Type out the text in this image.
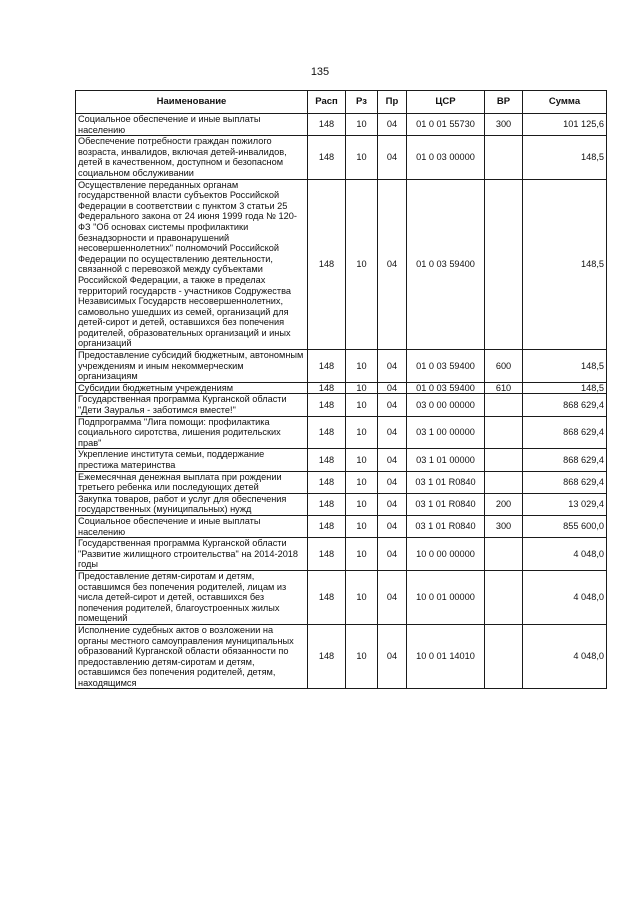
135
Наименование	Расп	Рз	Пр	ЦСР	ВР	Сумма
Социальное обеспечение и иные выплаты населению	148	10	04	01 0 01 55730	300	101 125,6
Обеспечение потребности граждан пожилого возраста, инвалидов, включая детей-инвалидов, детей в качественном, доступном и безопасном социальном обслуживании	148	10	04	01 0 03 00000		148,5
Осуществление переданных органам государственной власти субъектов Российской Федерации в соответствии с пунктом 3 статьи 25 Федерального закона от 24 июня 1999 года № 120-ФЗ "Об основах системы профилактики безнадзорности и правонарушений несовершеннолетних" полномочий Российской Федерации по осуществлению деятельности, связанной с перевозкой между субъектами Российской Федерации, а также в пределах территорий государств - участников Содружества Независимых Государств несовершеннолетних, самовольно ушедших из семей, организаций для детей-сирот и детей, оставшихся без попечения родителей, образовательных организаций и иных организаций	148	10	04	01 0 03 59400		148,5
Предоставление субсидий бюджетным, автономным учреждениям и иным некоммерческим организациям	148	10	04	01 0 03 59400	600	148,5
Субсидии бюджетным учреждениям	148	10	04	01 0 03 59400	610	148,5
Государственная программа Курганской области "Дети Зауралья - заботимся вместе!"	148	10	04	03 0 00 00000		868 629,4
Подпрограмма "Лига помощи: профилактика социального сиротства, лишения родительских прав"	148	10	04	03 1 00 00000		868 629,4
Укрепление института семьи, поддержание престижа материнства	148	10	04	03 1 01 00000		868 629,4
Ежемесячная денежная выплата при рождении третьего ребенка или последующих детей	148	10	04	03 1 01 R0840		868 629,4
Закупка товаров, работ и услуг для обеспечения государственных (муниципальных) нужд	148	10	04	03 1 01 R0840	200	13 029,4
Социальное обеспечение и иные выплаты населению	148	10	04	03 1 01 R0840	300	855 600,0
Государственная программа Курганской области "Развитие жилищного строительства" на 2014-2018 годы	148	10	04	10 0 00 00000		4 048,0
Предоставление детям-сиротам и детям, оставшимся без попечения родителей, лицам из числа детей-сирот и детей, оставшихся без попечения родителей, благоустроенных жилых помещений	148	10	04	10 0 01 00000		4 048,0
Исполнение судебных актов о возложении на органы местного самоуправления муниципальных образований Курганской области обязанности по предоставлению детям-сиротам и детям, оставшимся без попечения родителей, детям, находящимся	148	10	04	10 0 01 14010		4 048,0
